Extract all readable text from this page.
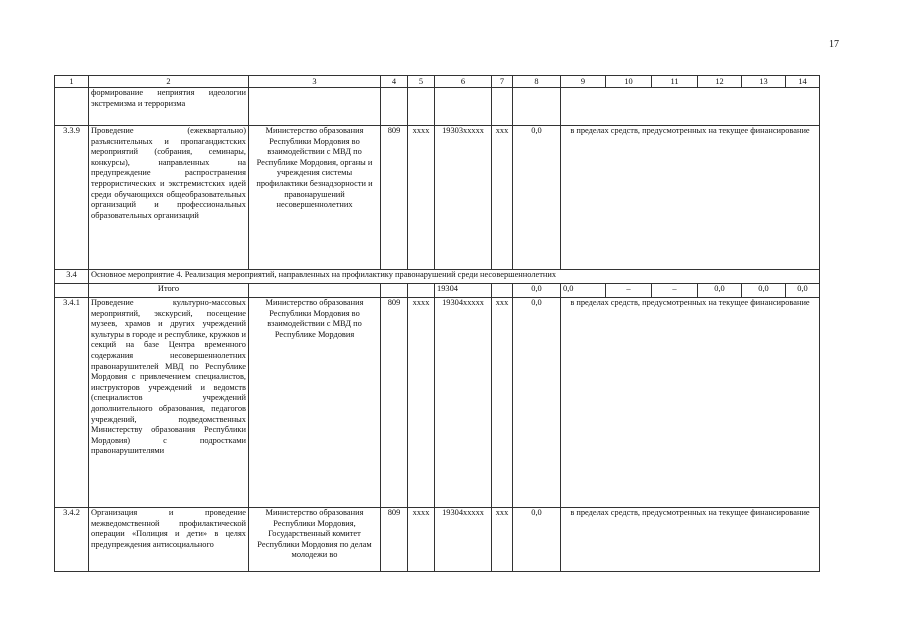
17
1	2	3	4	5	6	7	8	9	10	11	12	13	14
	формирование неприятия идеологии экстремизма и терроризма												
3.3.9	Проведение (ежеквартально) разъяснительных и пропагандистских мероприятий (собрания, семинары, конкурсы), направленных на предупреждение распространения террористических и экстремистских идей среди обучающихся общеобразовательных организаций и профессиональных образовательных организаций	Министерство образования Республики Мордовия во взаимодействии с МВД по Республике Мордовия, органы и учреждения системы профилактики безнадзорности и правонарушений несовершеннолетних	809	xxxx	19303xxxxx	xxx	0,0	в пределах средств, предусмотренных на текущее финансирование					
3.4	Основное мероприятие 4. Реализация мероприятий, направленных на профилактику правонарушений среди несовершеннолетних												
	Итого				19304		0,0	0,0	–	–	0,0	0,0	0,0
3.4.1	Проведение культурно-массовых мероприятий, экскурсий, посещение музеев, храмов и других учреждений культуры в городе и республике, кружков и секций на базе Центра временного содержания несовершеннолетних правонарушителей МВД по Республике Мордовия с привлечением специалистов, инструкторов учреждений и ведомств (специалистов учреждений дополнительного образования, педагогов учреждений, подведомственных Министерству образования Республики Мордовия) с подростками правонарушителями	Министерство образования Республики Мордовия во взаимодействии с МВД по Республике Мордовия	809	xxxx	19304xxxxx	xxx	0,0	в пределах средств, предусмотренных на текущее финансирование					
3.4.2	Организация и проведение межведомственной профилактической операции «Полиция и дети» в целях предупреждения антисоциального	Министерство образования Республики Мордовия, Государственный комитет Республики Мордовия по делам молодежи во	809	xxxx	19304xxxxx	xxx	0,0	в пределах средств, предусмотренных на текущее финансирование					
